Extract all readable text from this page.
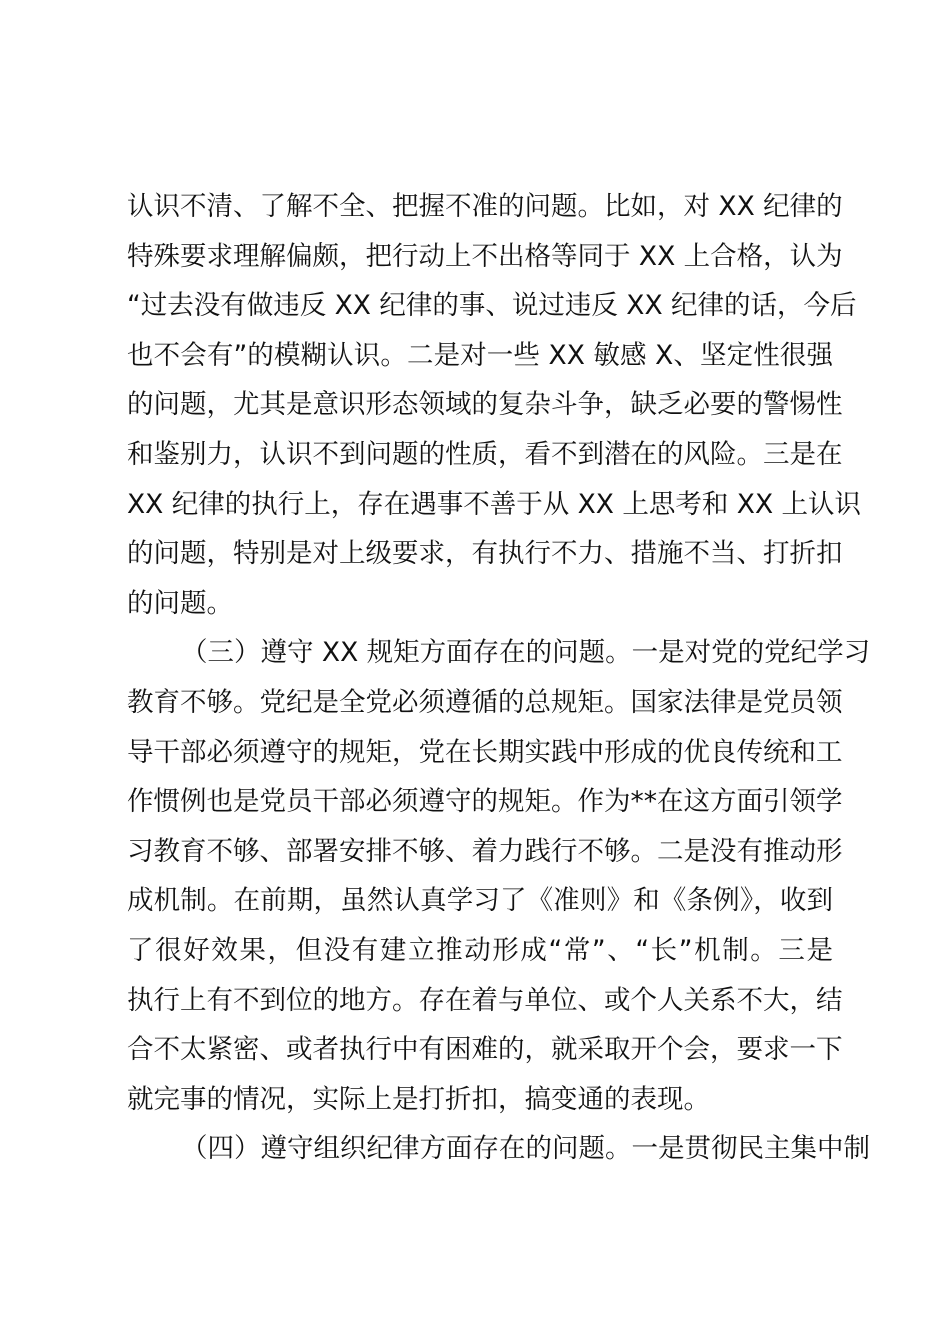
认识不清、了解不全、把握不准的问题。比如，对 XX 纪律的
特殊要求理解偏颇，把行动上不出格等同于 XX 上合格，认为
“过去没有做违反 XX 纪律的事、说过违反 XX 纪律的话，今后
也不会有”的模糊认识。二是对一些 XX 敏感 X、坚定性很强
的问题，尤其是意识形态领域的复杂斗争，缺乏必要的警惕性
和鉴别力，认识不到问题的性质，看不到潜在的风险。三是在
XX 纪律的执行上，存在遇事不善于从 XX 上思考和 XX 上认识
的问题，特别是对上级要求，有执行不力、措施不当、打折扣
的问题。
（三）遵守 XX 规矩方面存在的问题。一是对党的党纪学习
教育不够。党纪是全党必须遵循的总规矩。国家法律是党员领
导干部必须遵守的规矩，党在长期实践中形成的优良传统和工
作惯例也是党员干部必须遵守的规矩。作为**在这方面引领学
习教育不够、部署安排不够、着力践行不够。二是没有推动形
成机制。在前期，虽然认真学习了《准则》和《条例》，收到
了很好效果，但没有建立推动形成“常”、“长”机制。三是
执行上有不到位的地方。存在着与单位、或个人关系不大，结
合不太紧密、或者执行中有困难的，就采取开个会，要求一下
就完事的情况，实际上是打折扣，搞变通的表现。
（四）遵守组织纪律方面存在的问题。一是贯彻民主集中制
